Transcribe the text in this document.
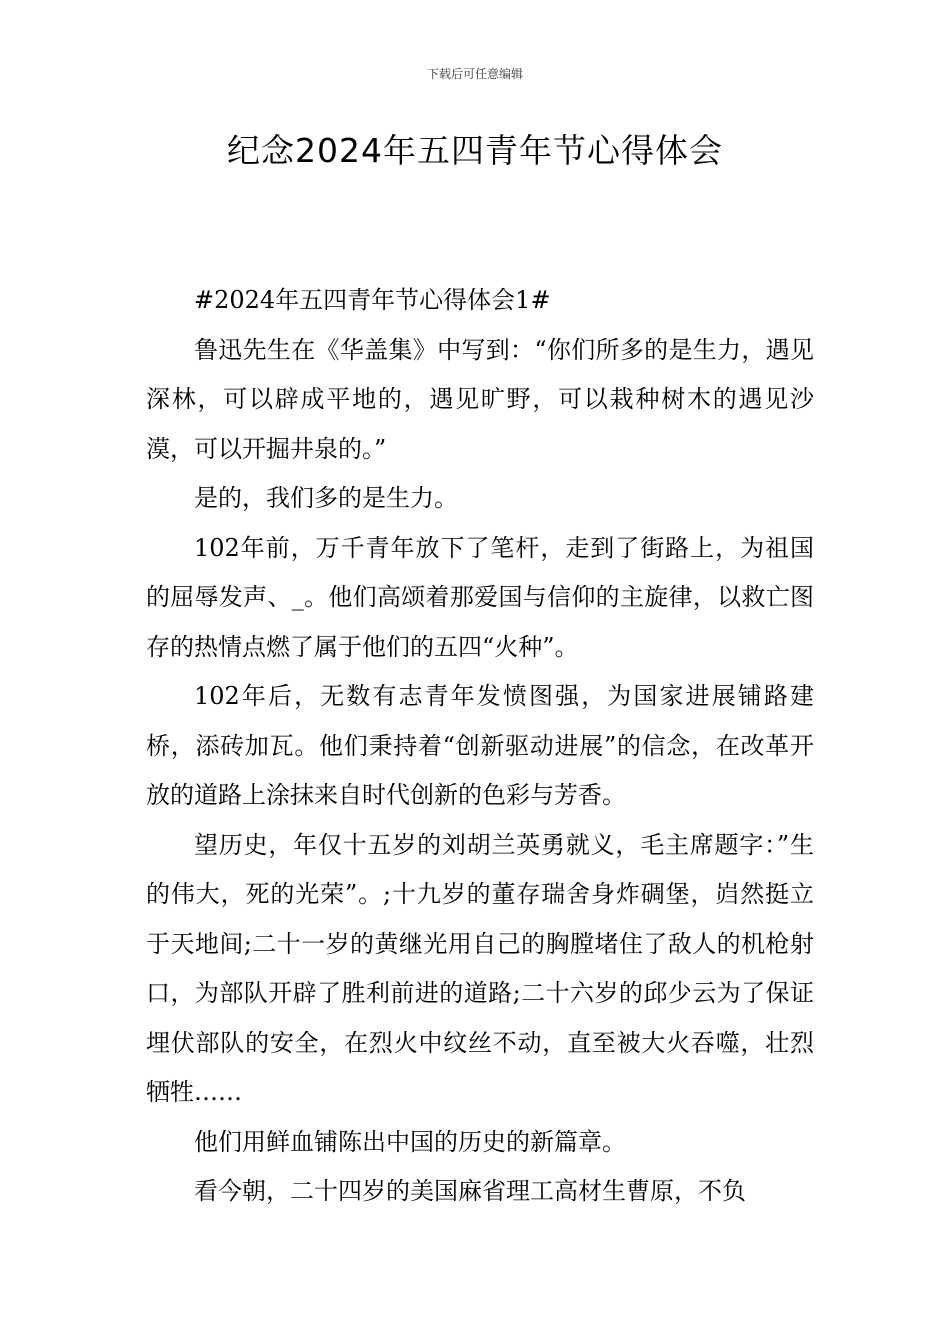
下载后可任意编辑
纪念2024年五四青年节心得体会

#2024年五四青年节心得体会1#

鲁迅先生在《华盖集》中写到：“你们所多的是生力，遇见深林，可以辟成平地的，遇见旷野，可以栽种树木的遇见沙漠，可以开掘井泉的。”

是的，我们多的是生力。

102年前，万千青年放下了笔杆，走到了街路上，为祖国的屈辱发声、_。他们高颂着那爱国与信仰的主旋律，以救亡图存的热情点燃了属于他们的五四“火种”。

102年后，无数有志青年发愤图强，为国家进展铺路建桥，添砖加瓦。他们秉持着“创新驱动进展”的信念，在改革开放的道路上涂抹来自时代创新的色彩与芳香。

望历史，年仅十五岁的刘胡兰英勇就义，毛主席题字：”生的伟大，死的光荣”。;十九岁的董存瑞舍身炸碉堡，岿然挺立于天地间;二十一岁的黄继光用自己的胸膛堵住了敌人的机枪射口，为部队开辟了胜利前进的道路;二十六岁的邱少云为了保证埋伏部队的安全，在烈火中纹丝不动，直至被大火吞噬，壮烈牺牲……

他们用鲜血铺陈出中国的历史的新篇章。

看今朝，二十四岁的美国麻省理工高材生曹原，不负
